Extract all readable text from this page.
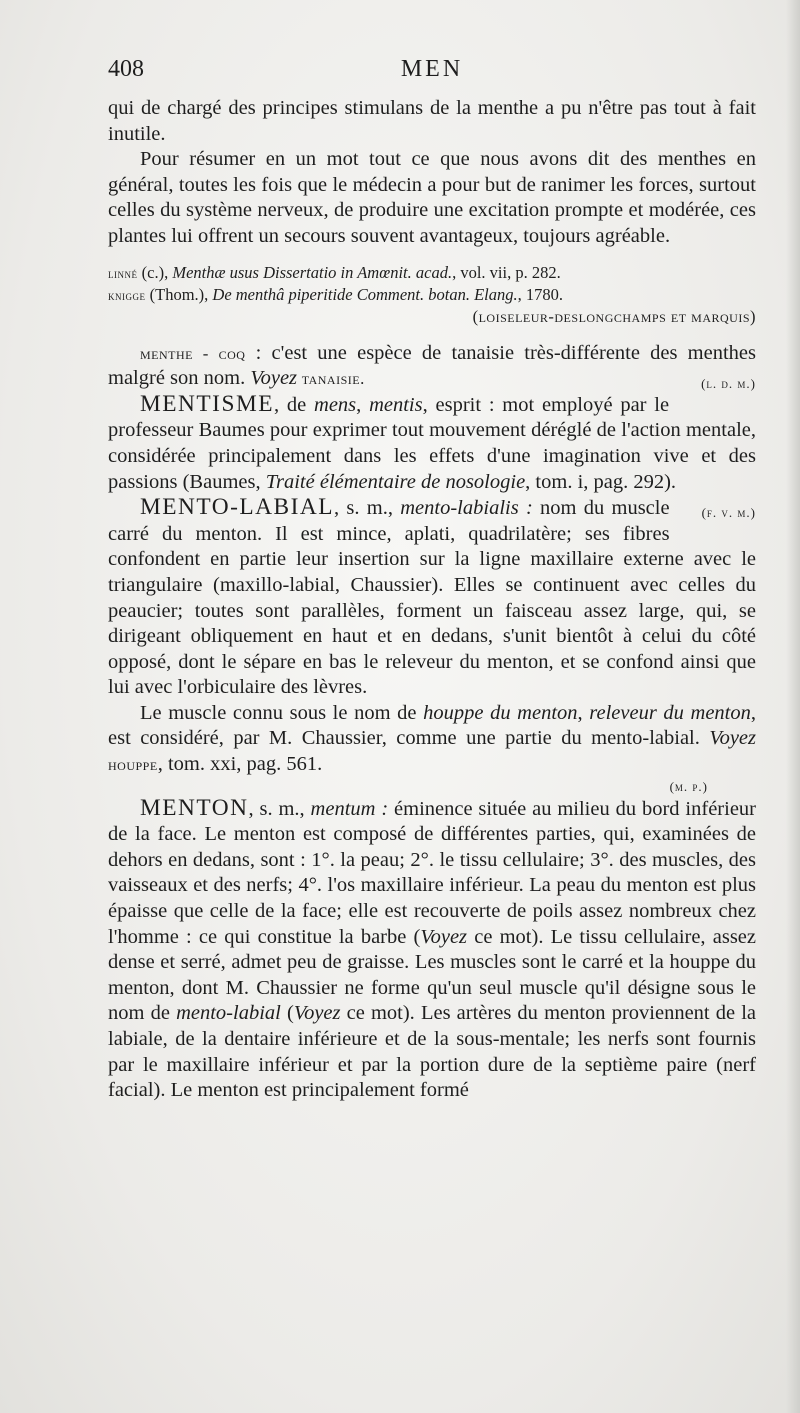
408	MEN

qui de chargé des principes stimulans de la menthe a pu n'être pas tout à fait inutile.

Pour résumer en un mot tout ce que nous avons dit des menthes en général, toutes les fois que le médecin a pour but de ranimer les forces, surtout celles du système nerveux, de produire une excitation prompte et modérée, ces plantes lui offrent un secours souvent avantageux, toujours agréable.

linné (c.), Menthæ usus Dissertatio in Amœnit. acad., vol. vii, p. 282.
knigge (Thom.), De menthâ piperitide Comment. botan. Elang., 1780.
(loiseleur-deslongchamps et marquis)

menthe - coq : c'est une espèce de tanaisie très-différente des menthes malgré son nom. Voyez tanaisie.	(l. d. m.)

MENTISME, de mens, mentis, esprit : mot employé par le professeur Baumes pour exprimer tout mouvement déréglé de l'action mentale, considérée principalement dans les effets d'une imagination vive et des passions (Baumes, Traité élémentaire de nosologie, tom. i, pag. 292).
(f. v. m.)

MENTO-LABIAL, s. m., mento-labialis : nom du muscle carré du menton. Il est mince, aplati, quadrilatère; ses fibres confondent en partie leur insertion sur la ligne maxillaire externe avec le triangulaire (maxillo-labial, Chaussier). Elles se continuent avec celles du peaucier; toutes sont parallèles, forment un faisceau assez large, qui, se dirigeant obliquement en haut et en dedans, s'unit bientôt à celui du côté opposé, dont le sépare en bas le releveur du menton, et se confond ainsi que lui avec l'orbiculaire des lèvres.

Le muscle connu sous le nom de houppe du menton, releveur du menton, est considéré, par M. Chaussier, comme une partie du mento-labial. Voyez houppe, tom. xxi, pag. 561.

(m. p.)

MENTON, s. m., mentum : éminence située au milieu du bord inférieur de la face. Le menton est composé de différentes parties, qui, examinées de dehors en dedans, sont : 1°. la peau; 2°. le tissu cellulaire; 3°. des muscles, des vaisseaux et des nerfs; 4°. l'os maxillaire inférieur. La peau du menton est plus épaisse que celle de la face; elle est recouverte de poils assez nombreux chez l'homme : ce qui constitue la barbe (Voyez ce mot). Le tissu cellulaire, assez dense et serré, admet peu de graisse. Les muscles sont le carré et la houppe du menton, dont M. Chaussier ne forme qu'un seul muscle qu'il désigne sous le nom de mento-labial (Voyez ce mot). Les artères du menton proviennent de la labiale, de la dentaire inférieure et de la sous-mentale; les nerfs sont fournis par le maxillaire inférieur et par la portion dure de la septième paire (nerf facial). Le menton est principalement formé
